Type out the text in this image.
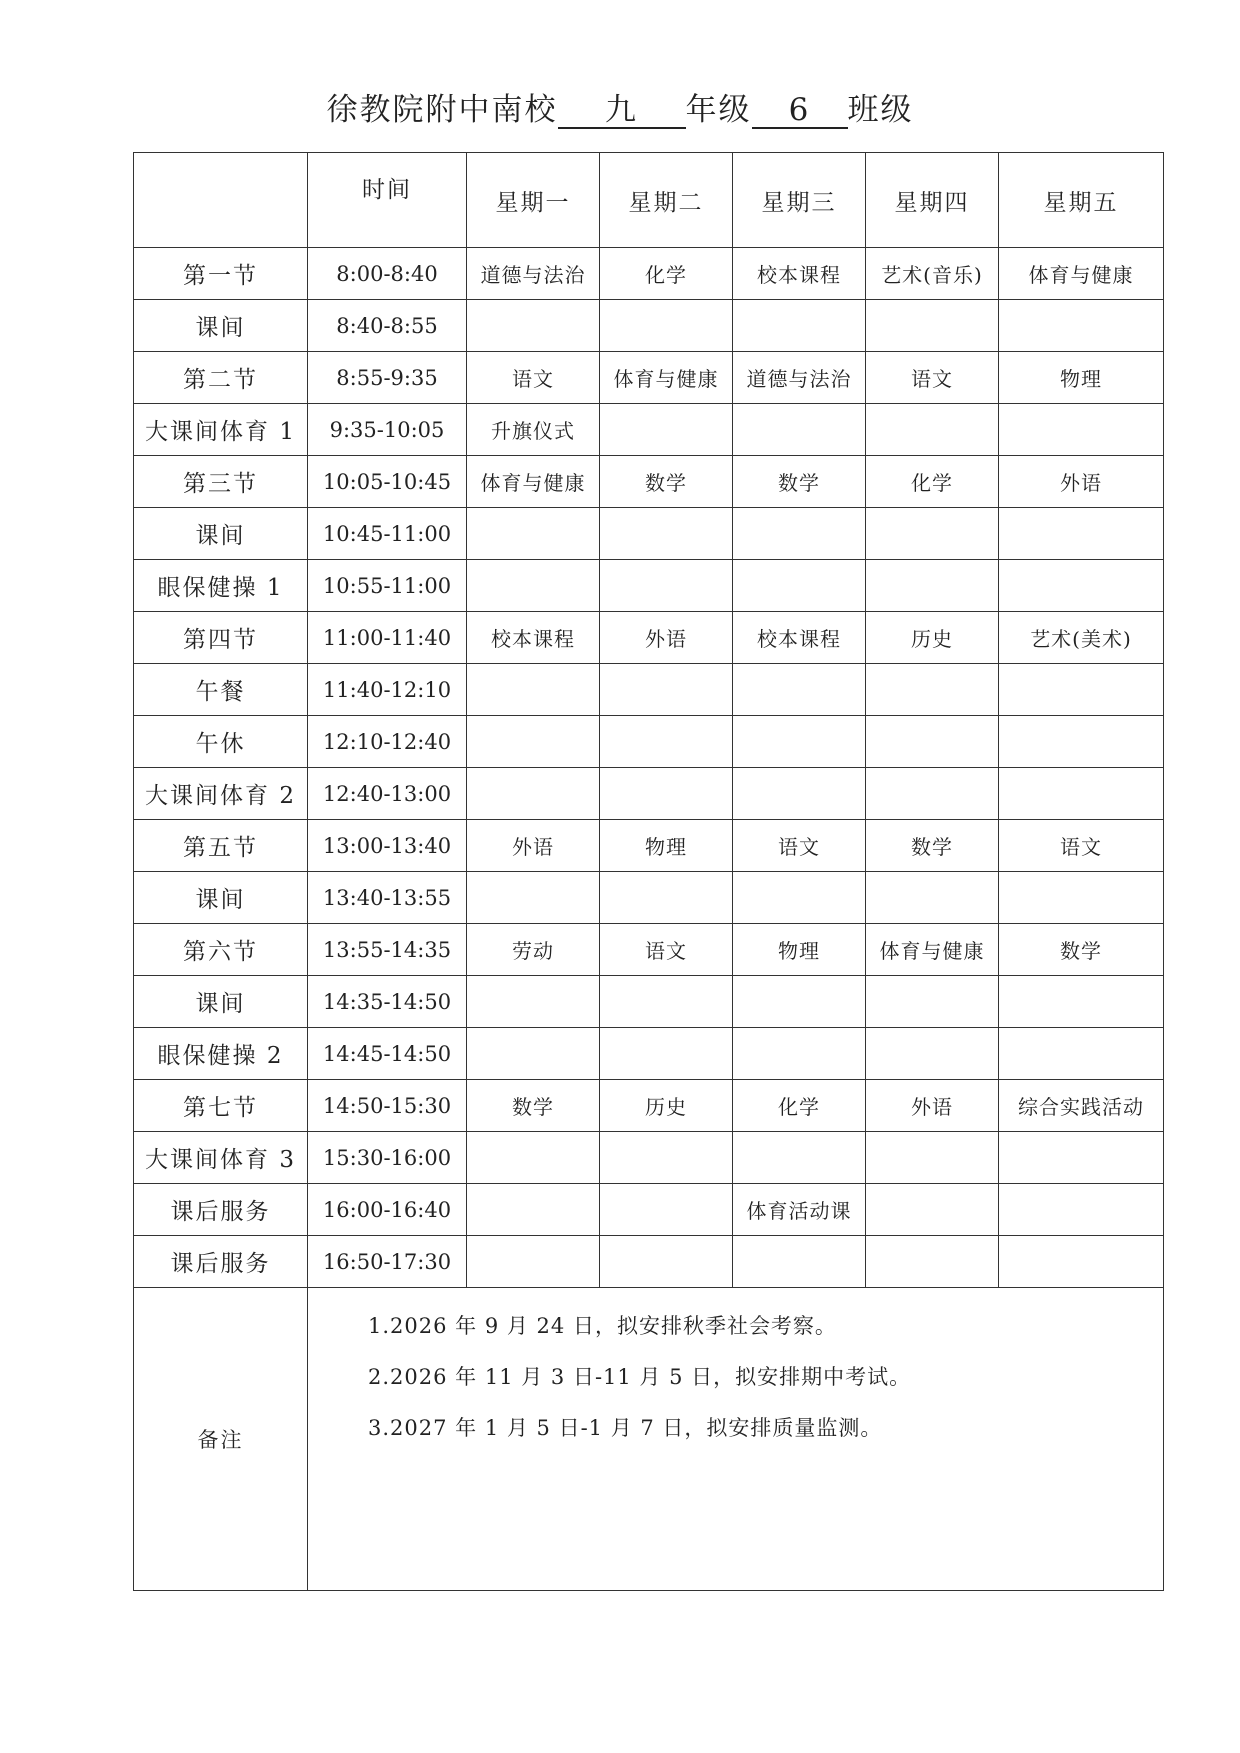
徐教院附中南校 九 年级 6 班级
	时间	星期一	星期二	星期三	星期四	星期五
第一节	8:00-8:40	道德与法治	化学	校本课程	艺术(音乐)	体育与健康
课间	8:40-8:55					
第二节	8:55-9:35	语文	体育与健康	道德与法治	语文	物理
大课间体育 1	9:35-10:05	升旗仪式				
第三节	10:05-10:45	体育与健康	数学	数学	化学	外语
课间	10:45-11:00					
眼保健操 1	10:55-11:00					
第四节	11:00-11:40	校本课程	外语	校本课程	历史	艺术(美术)
午餐	11:40-12:10					
午休	12:10-12:40					
大课间体育 2	12:40-13:00					
第五节	13:00-13:40	外语	物理	语文	数学	语文
课间	13:40-13:55					
第六节	13:55-14:35	劳动	语文	物理	体育与健康	数学
课间	14:35-14:50					
眼保健操 2	14:45-14:50					
第七节	14:50-15:30	数学	历史	化学	外语	综合实践活动
大课间体育 3	15:30-16:00					
课后服务	16:00-16:40			体育活动课		
课后服务	16:50-17:30					
备注	1.2026 年 9 月 24 日，拟安排秋季社会考察。
2.2026 年 11 月 3 日-11 月 5 日，拟安排期中考试。
3.2027 年 1 月 5 日-1 月 7 日，拟安排质量监测。					
